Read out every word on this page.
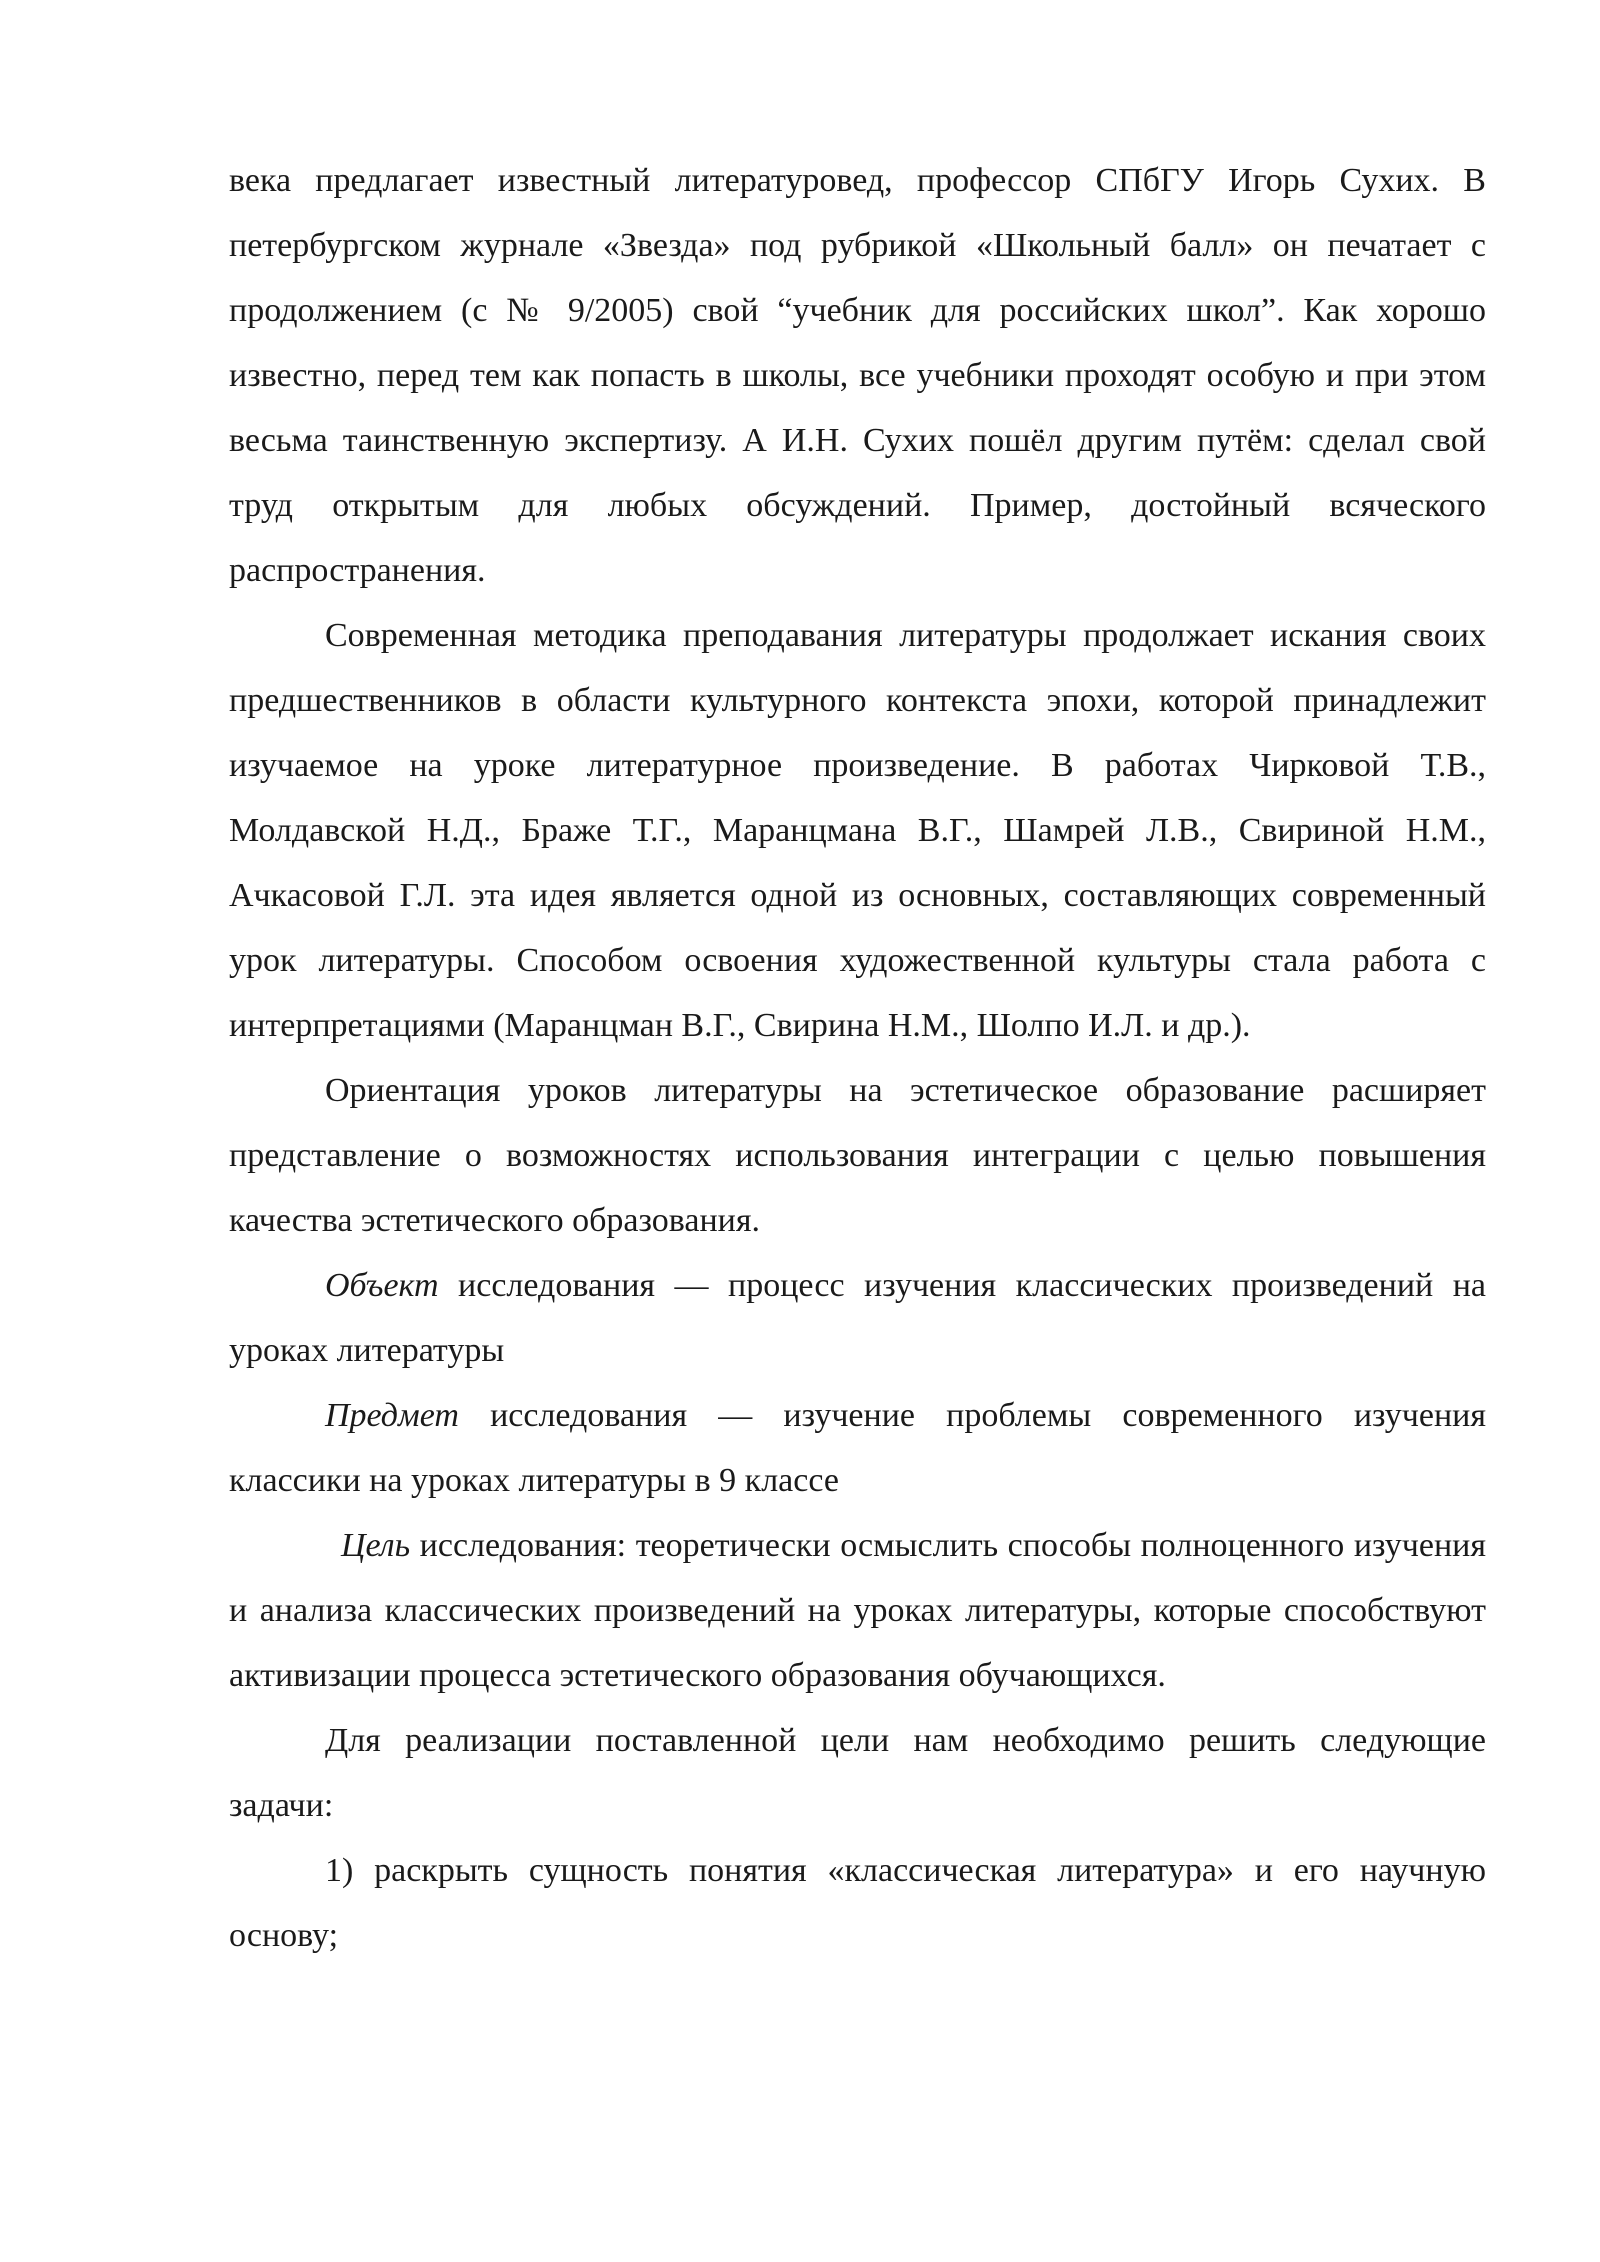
века предлагает известный литературовед, профессор СПбГУ Игорь Сухих. В петербургском журнале «Звезда» под рубрикой «Школьный балл» он печатает с продолжением (с № 9/2005) свой “учебник для российских школ”. Как хорошо известно, перед тем как попасть в школы, все учебники проходят особую и при этом весьма таинственную экспертизу. А И.Н. Сухих пошёл другим путём: сделал свой труд открытым для любых обсуждений. Пример, достойный всяческого распространения.

Современная методика преподавания литературы продолжает искания своих предшественников в области культурного контекста эпохи, которой принадлежит изучаемое на уроке литературное произведение. В работах Чирковой Т.В., Молдавской Н.Д., Браже Т.Г., Маранцмана В.Г., Шамрей Л.В., Свириной Н.М., Ачкасовой Г.Л. эта идея является одной из основных, составляющих современный урок литературы. Способом освоения художественной культуры стала работа с интерпретациями (Маранцман В.Г., Свирина Н.М., Шолпо И.Л. и др.).

Ориентация уроков литературы на эстетическое образование расширяет представление о возможностях использования интеграции с целью повышения качества эстетического образования.

Объект исследования — процесс изучения классических произведений на уроках литературы

Предмет исследования — изучение проблемы современного изучения классики на уроках литературы в 9 классе

Цель исследования: теоретически осмыслить способы полноценного изучения и анализа классических произведений на уроках литературы, которые способствуют активизации процесса эстетического образования обучающихся.

Для реализации поставленной цели нам необходимо решить следующие задачи:

1) раскрыть сущность понятия «классическая литература» и его научную основу;
